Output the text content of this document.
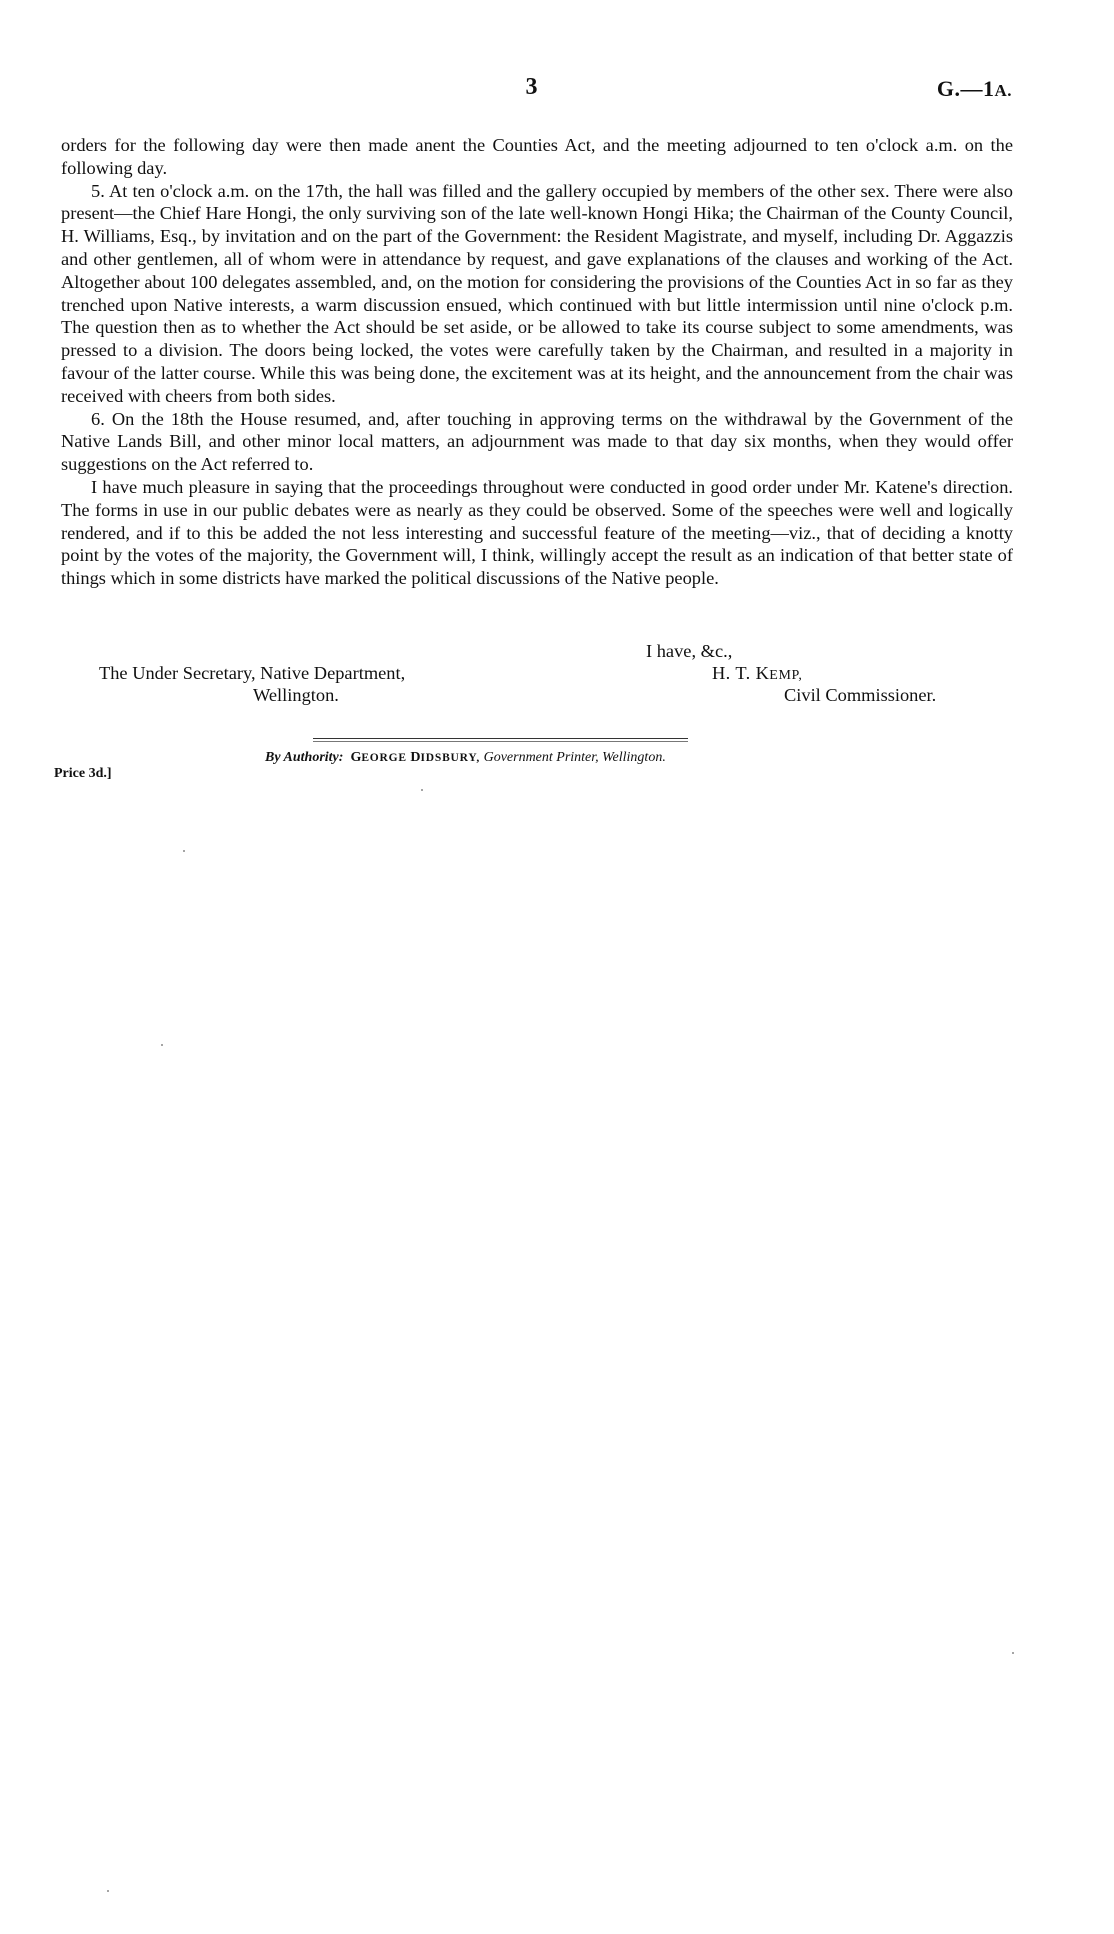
3	G.—1A.

orders for the following day were then made anent the Counties Act, and the meeting adjourned to ten o'clock a.m. on the following day.

5. At ten o'clock a.m. on the 17th, the hall was filled and the gallery occupied by members of the other sex. There were also present—the Chief Hare Hongi, the only surviving son of the late well-known Hongi Hika; the Chairman of the County Council, H. Williams, Esq., by invitation and on the part of the Government: the Resident Magistrate, and myself, including Dr. Aggazzis and other gentlemen, all of whom were in attendance by request, and gave explanations of the clauses and working of the Act. Altogether about 100 delegates assembled, and, on the motion for considering the provisions of the Counties Act in so far as they trenched upon Native interests, a warm discussion ensued, which continued with but little intermission until nine o'clock p.m. The question then as to whether the Act should be set aside, or be allowed to take its course subject to some amendments, was pressed to a division. The doors being locked, the votes were carefully taken by the Chairman, and resulted in a majority in favour of the latter course. While this was being done, the excitement was at its height, and the announcement from the chair was received with cheers from both sides.

6. On the 18th the House resumed, and, after touching in approving terms on the withdrawal by the Government of the Native Lands Bill, and other minor local matters, an adjournment was made to that day six months, when they would offer suggestions on the Act referred to.

I have much pleasure in saying that the proceedings throughout were conducted in good order under Mr. Katene's direction. The forms in use in our public debates were as nearly as they could be observed. Some of the speeches were well and logically rendered, and if to this be added the not less interesting and successful feature of the meeting—viz., that of deciding a knotty point by the votes of the majority, the Government will, I think, willingly accept the result as an indication of that better state of things which in some districts have marked the political discussions of the Native people.

I have, &c.,
The Under Secretary, Native Department,
Wellington.
H. T. KEMP,
Civil Commissioner.
By Authority: GEORGE DIDSBURY, Government Printer, Wellington.
Price 3d.]
